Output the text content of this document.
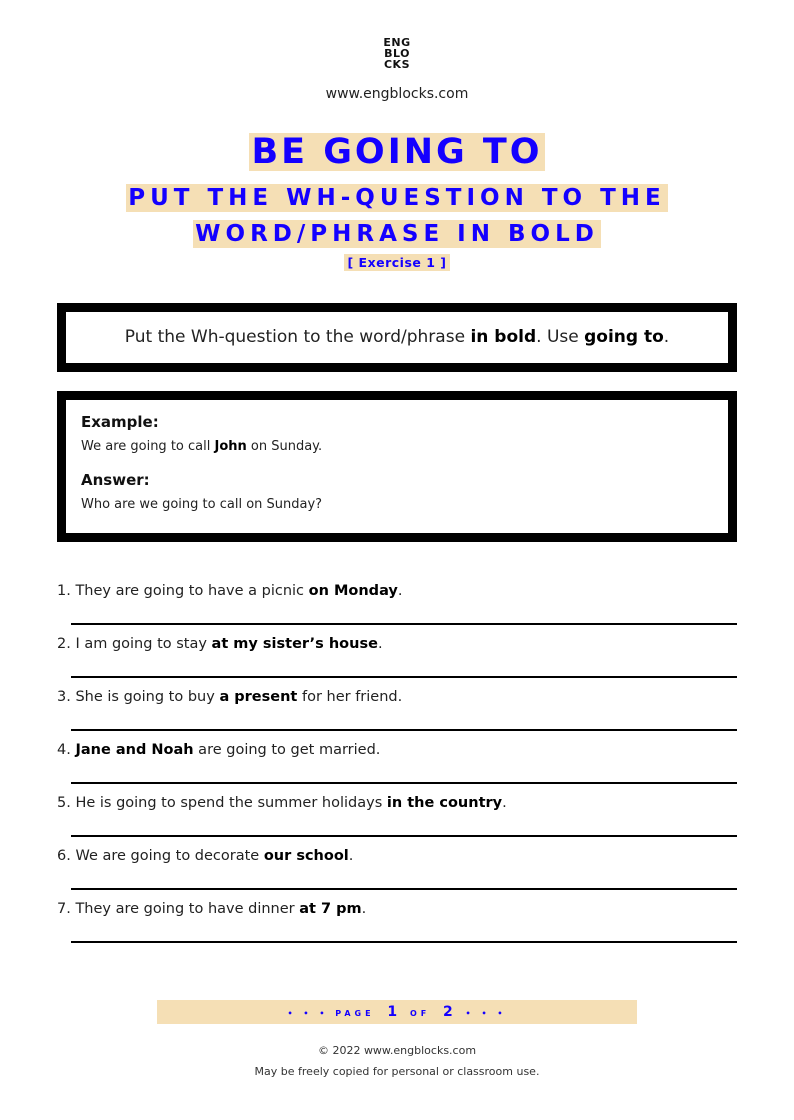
ENG
BLO
CKS
www.engblocks.com
BE GOING TO
PUT THE WH-QUESTION TO THE WORD/PHRASE IN BOLD
[ Exercise 1 ]
Put the Wh-question to the word/phrase in bold. Use going to.

Example:

We are going to call John on Sunday.

Answer:

Who are we going to call on Sunday?

1. They are going to have a picnic on Monday.
2. I am going to stay at my sister’s house.
3. She is going to buy a present for her friend.
4. Jane and Noah are going to get married.
5. He is going to spend the summer holidays in the country.
6. We are going to decorate our school.
7. They are going to have dinner at 7 pm.
• • • PAGE 1 OF 2 • • •
© 2022 www.engblocks.com
May be freely copied for personal or classroom use.
